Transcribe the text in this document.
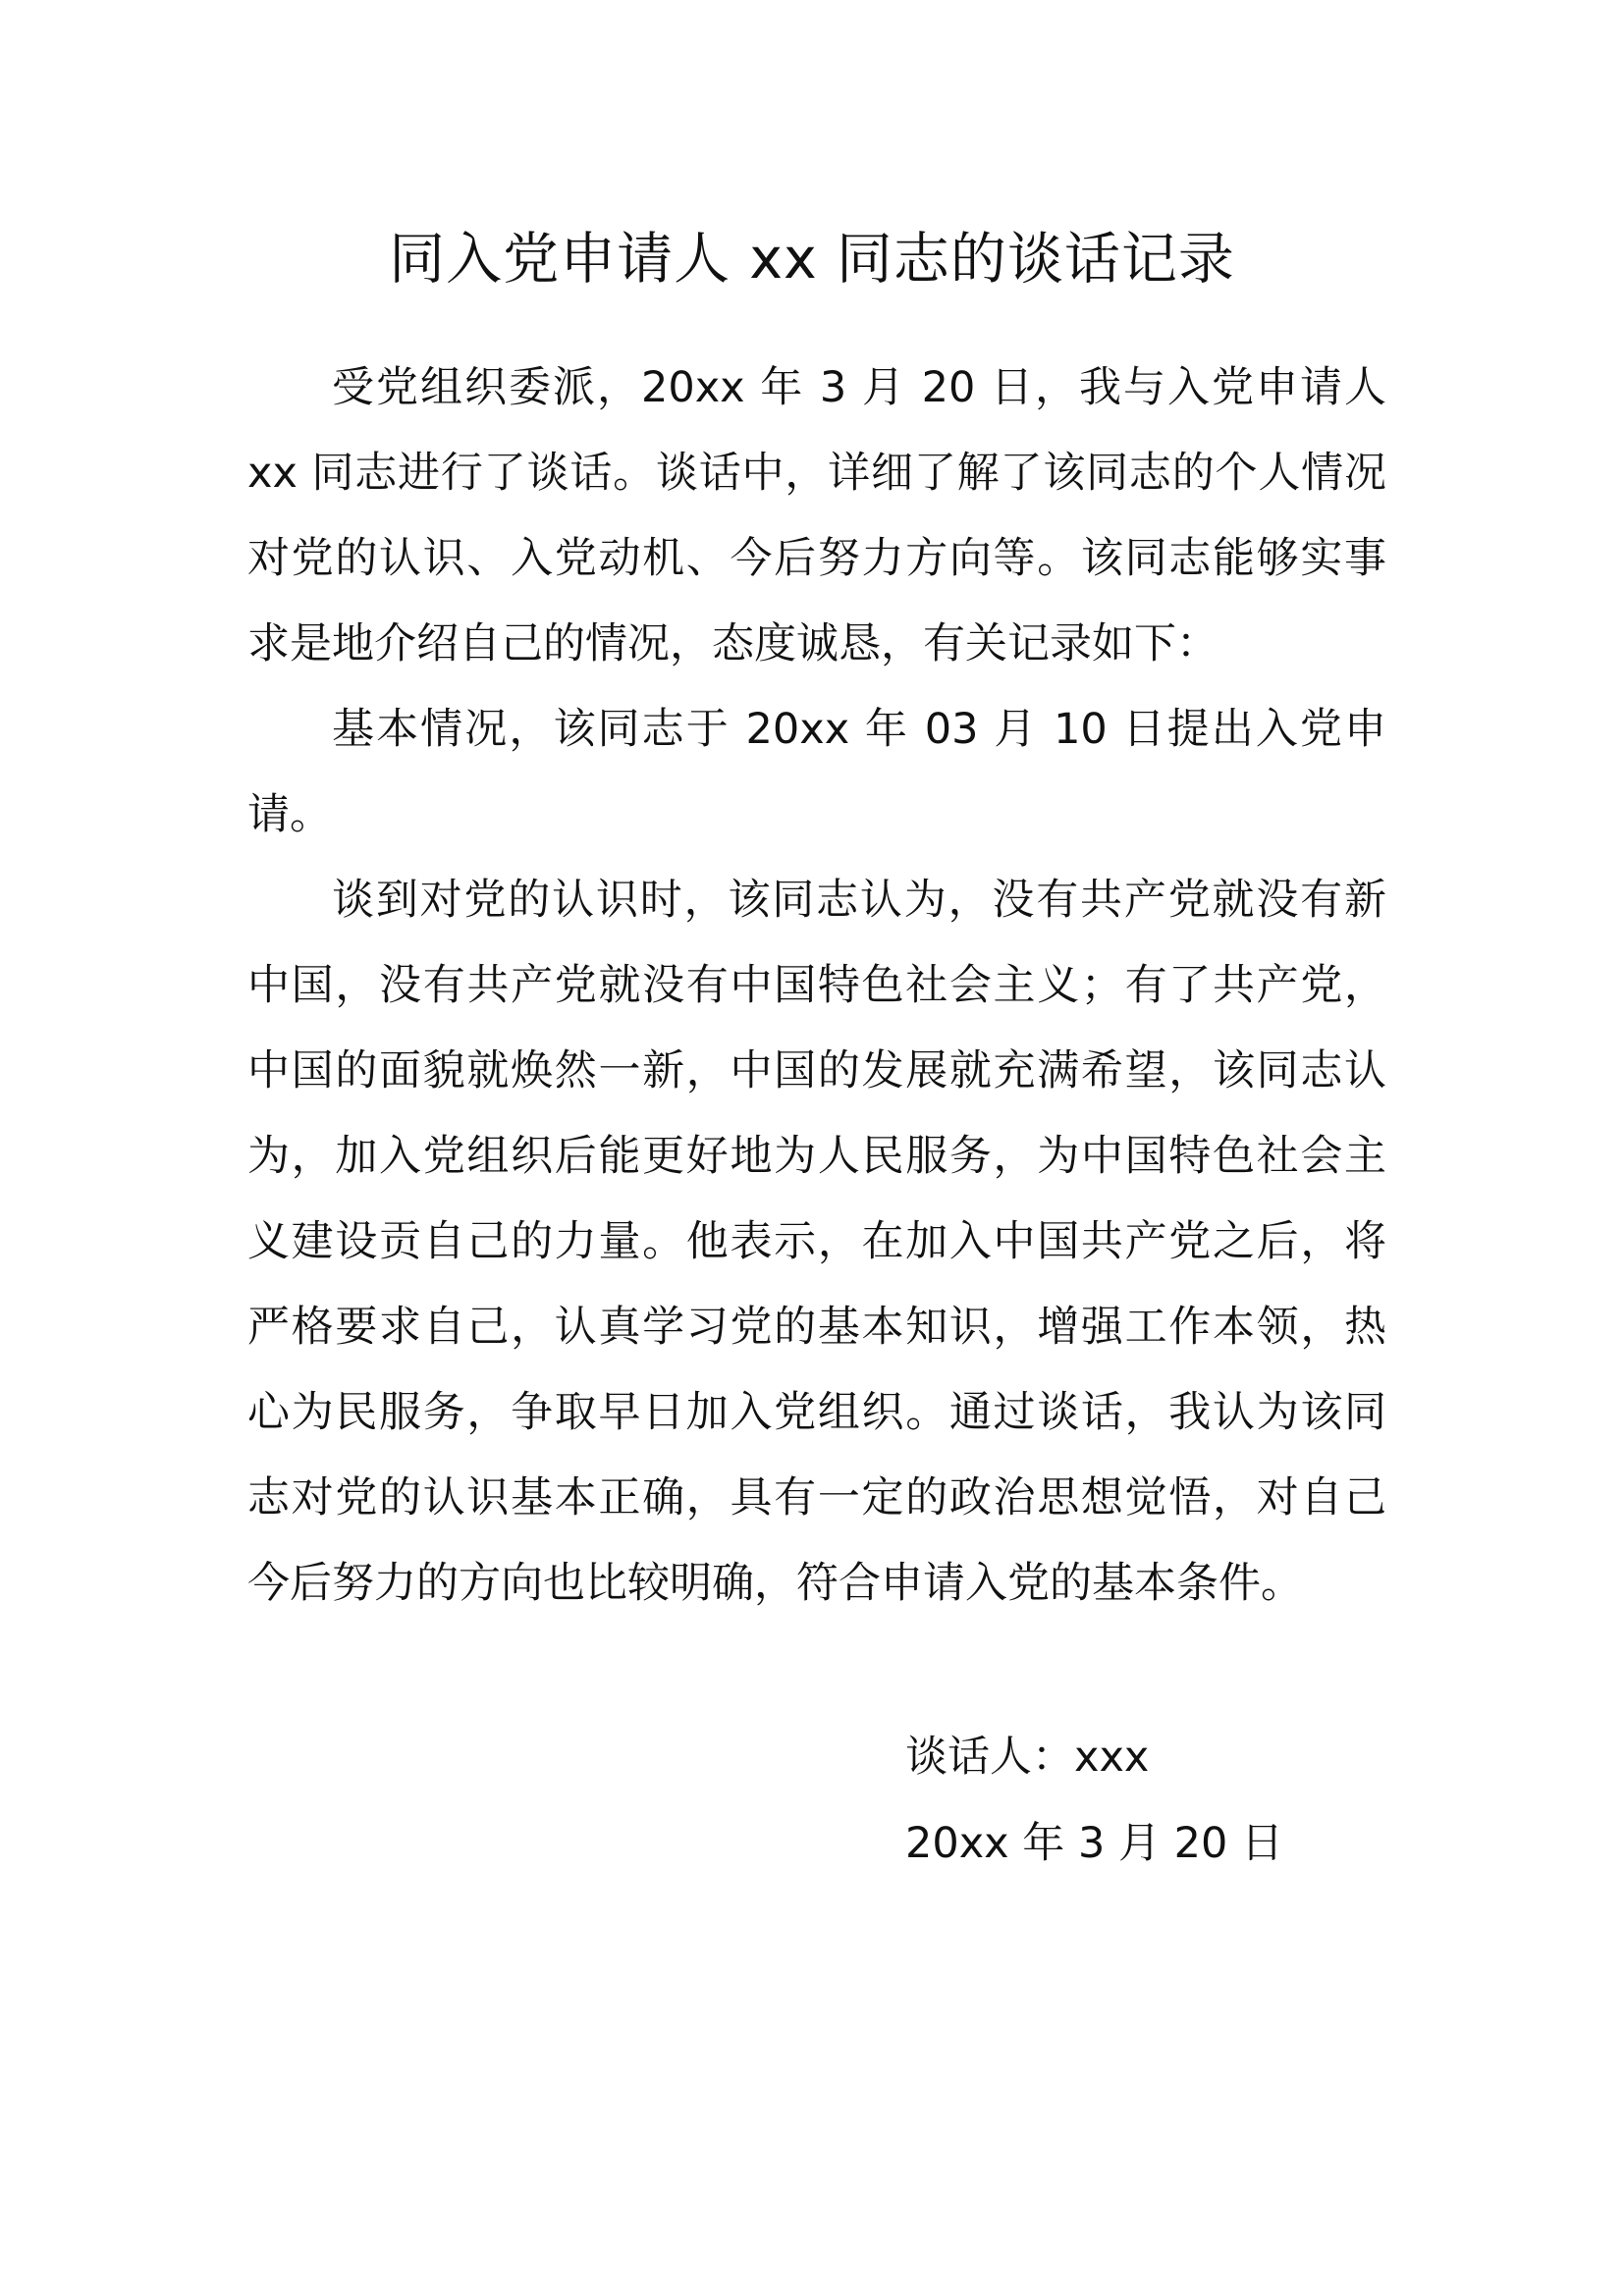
同入党申请人 xx 同志的谈话记录

受党组织委派，20xx 年 3 月 20 日，我与入党申请人 xx 同志进行了谈话。谈话中，详细了解了该同志的个人情况对党的认识、入党动机、今后努力方向等。该同志能够实事求是地介绍自己的情况，态度诚恳，有关记录如下：

基本情况，该同志于 20xx 年 03 月 10 日提出入党申请。

谈到对党的认识时，该同志认为，没有共产党就没有新中国，没有共产党就没有中国特色社会主义；有了共产党，中国的面貌就焕然一新，中国的发展就充满希望，该同志认为，加入党组织后能更好地为人民服务，为中国特色社会主义建设贡自己的力量。他表示，在加入中国共产党之后，将严格要求自己，认真学习党的基本知识，增强工作本领，热心为民服务，争取早日加入党组织。通过谈话，我认为该同志对党的认识基本正确，具有一定的政治思想觉悟，对自己今后努力的方向也比较明确，符合申请入党的基本条件。

谈话人：xxx
20xx 年 3 月 20 日
